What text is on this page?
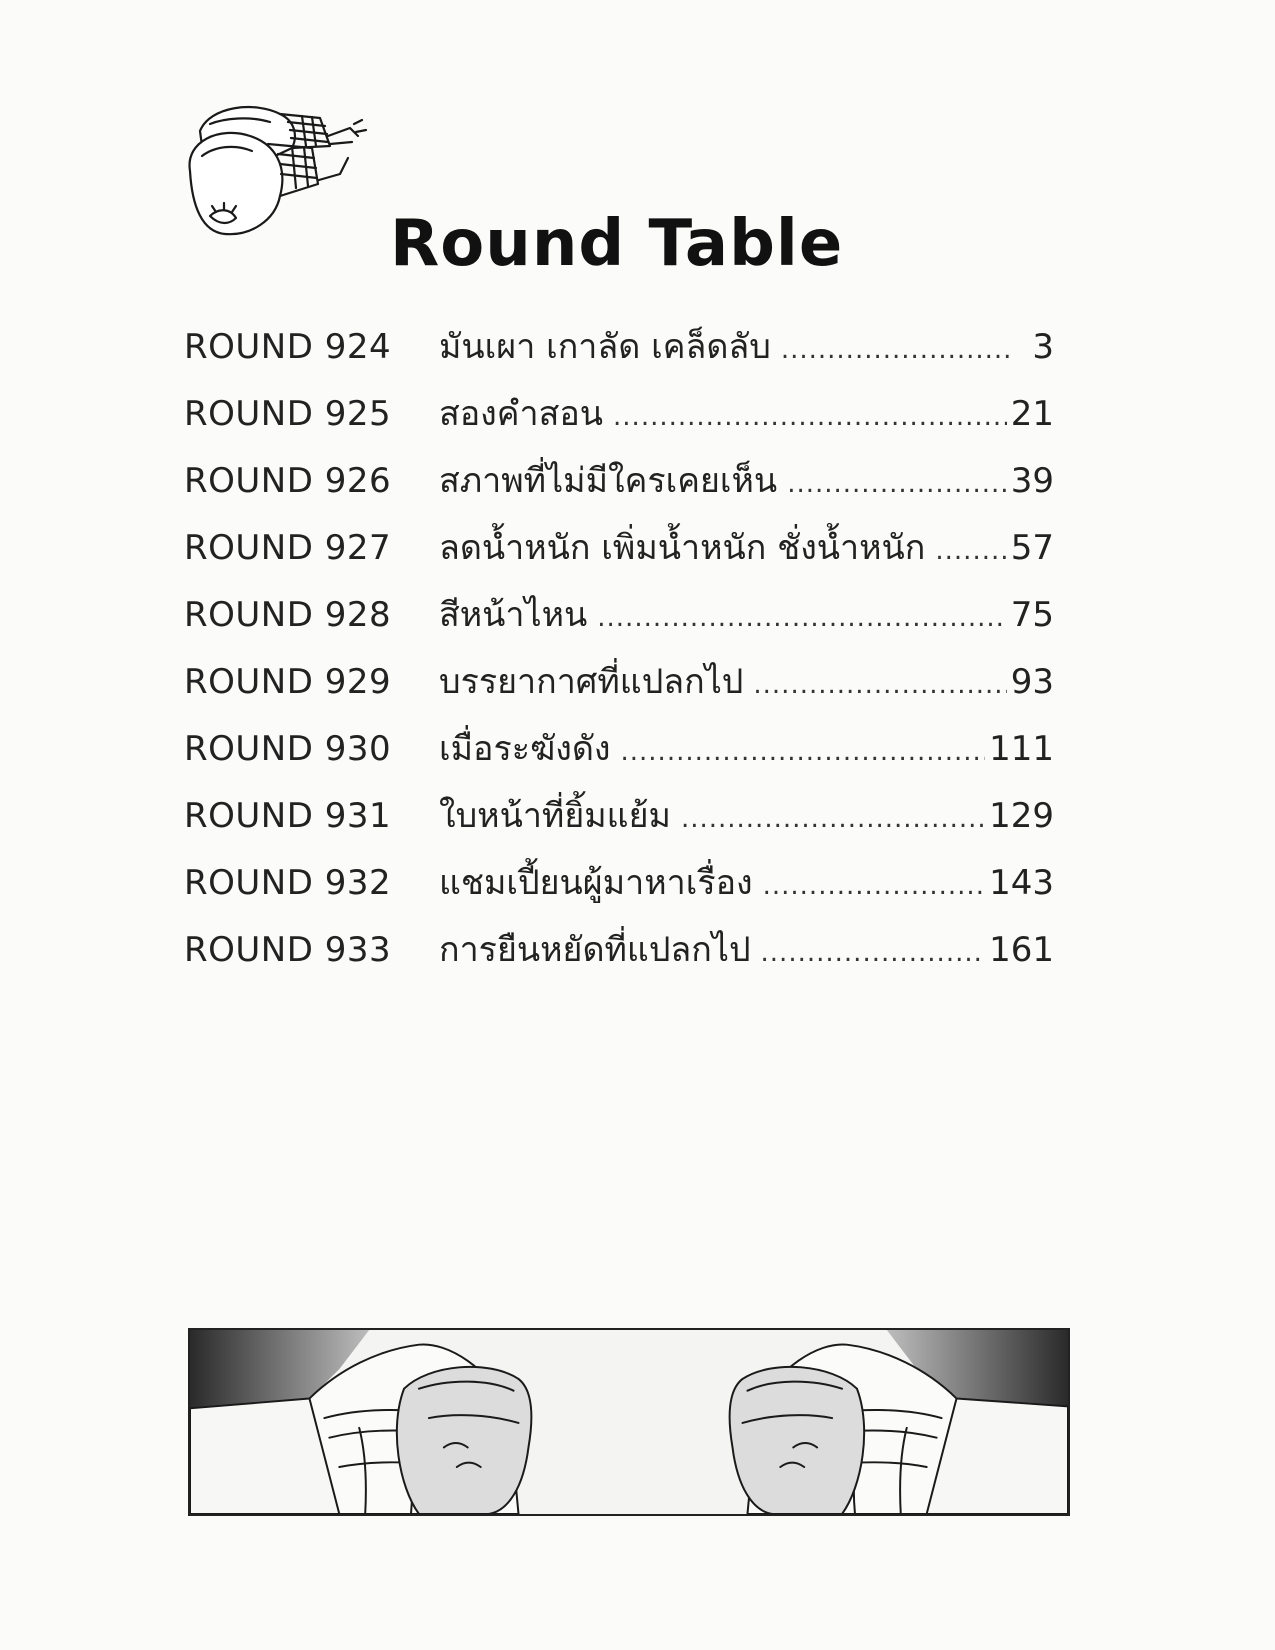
Round Table
ROUND 924	มันเผา เกาลัด เคล็ดลับ .....	3
ROUND 925	สองคำสอน .....	21
ROUND 926	สภาพที่ไม่มีใครเคยเห็น .....	39
ROUND 927	ลดน้ำหนัก เพิ่มน้ำหนัก ชั่งน้ำหนัก .....	57
ROUND 928	สีหน้าไหน .....	75
ROUND 929	บรรยากาศที่แปลกไป .....	93
ROUND 930	เมื่อระฆังดัง .....	111
ROUND 931	ใบหน้าที่ยิ้มแย้ม .....	129
ROUND 932	แชมเปี้ยนผู้มาหาเรื่อง .....	143
ROUND 933	การยืนหยัดที่แปลกไป .....	161
